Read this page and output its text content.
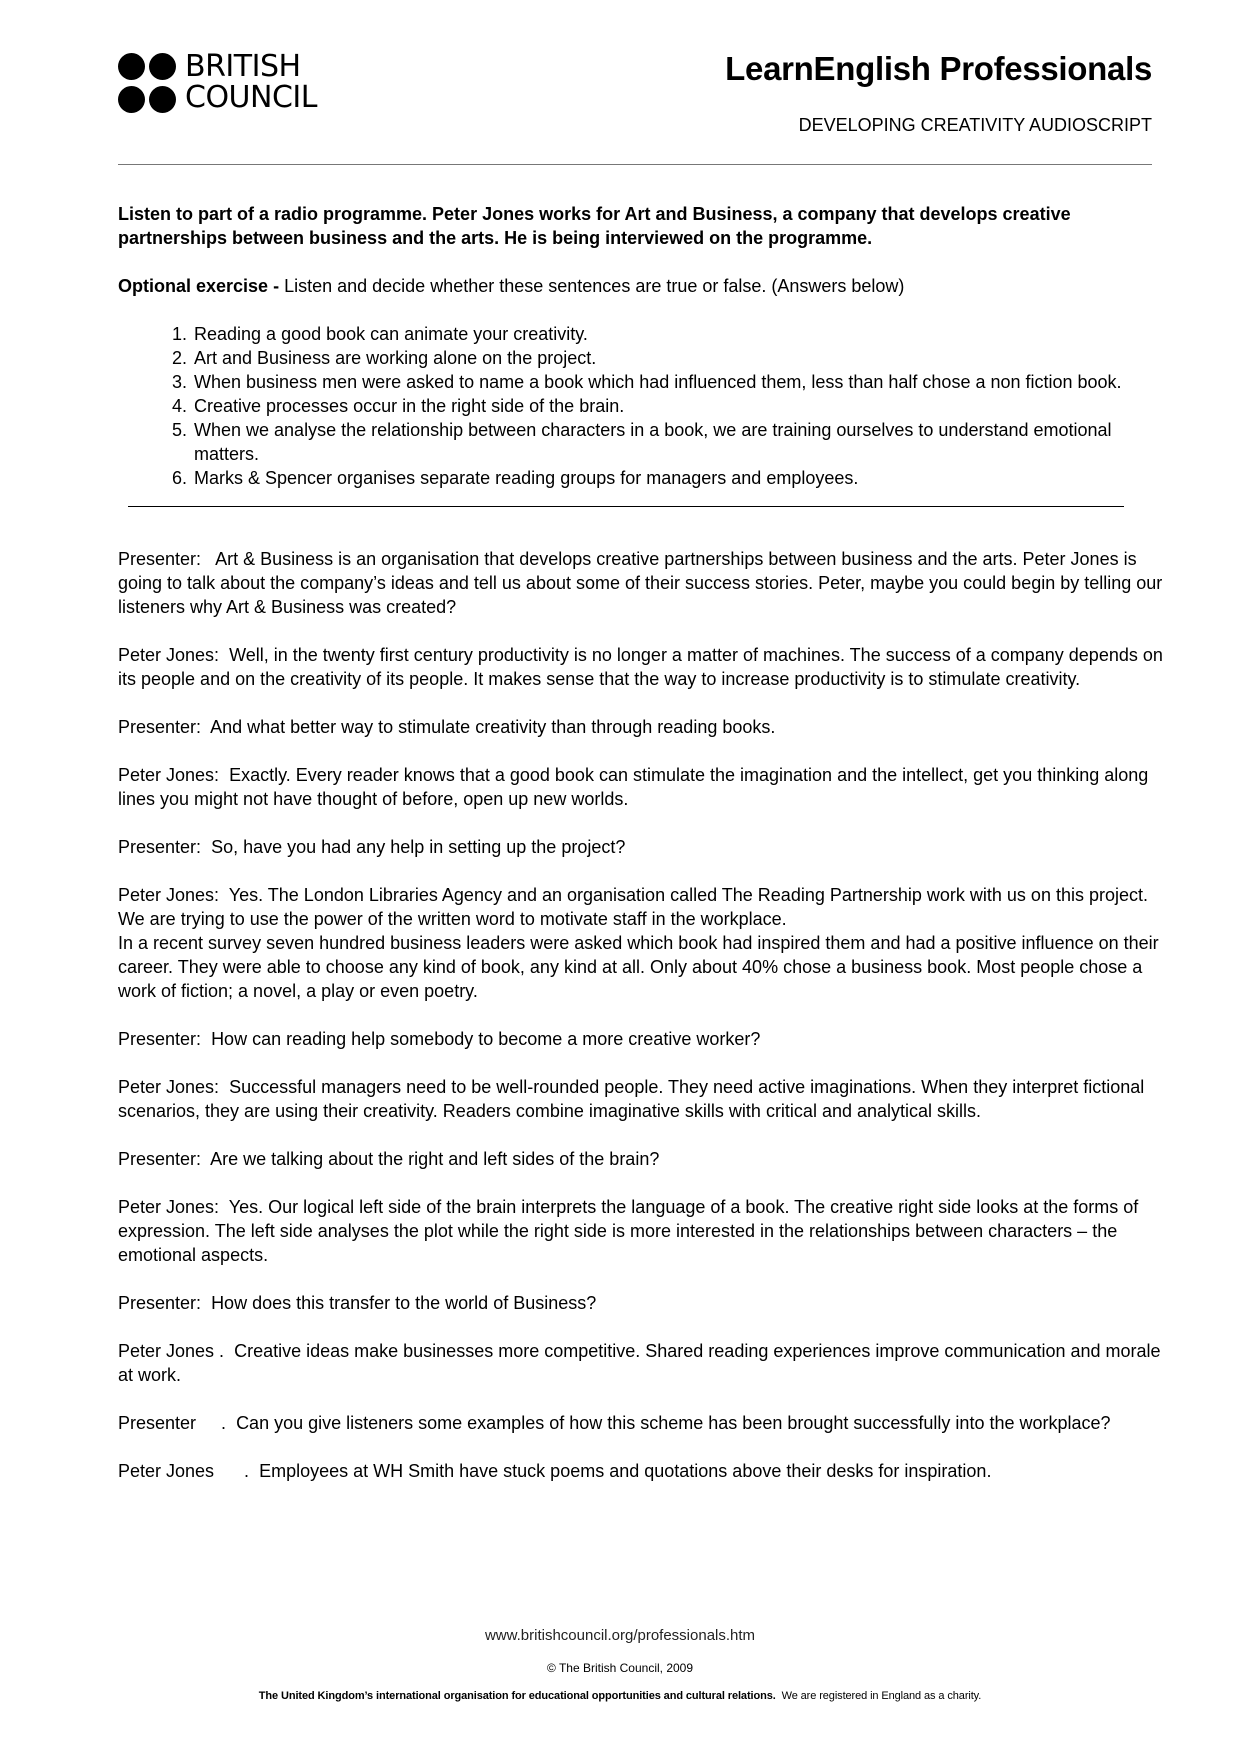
BRITISH
COUNCIL
LearnEnglish Professionals
DEVELOPING CREATIVITY AUDIOSCRIPT

Listen to part of a radio programme. Peter Jones works for Art and Business, a company that develops creative partnerships between business and the arts. He is being interviewed on the programme.

Optional exercise - Listen and decide whether these sentences are true or false. (Answers below)

1. Reading a good book can animate your creativity.
2. Art and Business are working alone on the project.
3. When business men were asked to name a book which had influenced them, less than half chose a non fiction book.
4. Creative processes occur in the right side of the brain.
5. When we analyse the relationship between characters in a book, we are training ourselves to understand emotional matters.
6. Marks & Spencer organises separate reading groups for managers and employees.

Presenter: Art & Business is an organisation that develops creative partnerships between business and the arts. Peter Jones is going to talk about the company’s ideas and tell us about some of their success stories. Peter, maybe you could begin by telling our listeners why Art & Business was created?

Peter Jones: Well, in the twenty first century productivity is no longer a matter of machines. The success of a company depends on its people and on the creativity of its people. It makes sense that the way to increase productivity is to stimulate creativity.

Presenter: And what better way to stimulate creativity than through reading books.

Peter Jones: Exactly. Every reader knows that a good book can stimulate the imagination and the intellect, get you thinking along lines you might not have thought of before, open up new worlds.

Presenter: So, have you had any help in setting up the project?

Peter Jones: Yes. The London Libraries Agency and an organisation called The Reading Partnership work with us on this project. We are trying to use the power of the written word to motivate staff in the workplace.
In a recent survey seven hundred business leaders were asked which book had inspired them and had a positive influence on their career. They were able to choose any kind of book, any kind at all. Only about 40% chose a business book. Most people chose a work of fiction; a novel, a play or even poetry.

Presenter: How can reading help somebody to become a more creative worker?

Peter Jones: Successful managers need to be well-rounded people. They need active imaginations. When they interpret fictional scenarios, they are using their creativity. Readers combine imaginative skills with critical and analytical skills.

Presenter: Are we talking about the right and left sides of the brain?

Peter Jones: Yes. Our logical left side of the brain interprets the language of a book. The creative right side looks at the forms of expression. The left side analyses the plot while the right side is more interested in the relationships between characters – the emotional aspects.

Presenter: How does this transfer to the world of Business?

Peter Jones . Creative ideas make businesses more competitive. Shared reading experiences improve communication and morale at work.

Presenter     . Can you give listeners some examples of how this scheme has been brought successfully into the workplace?

Peter Jones      . Employees at WH Smith have stuck poems and quotations above their desks for inspiration.

www.britishcouncil.org/professionals.htm
© The British Council, 2009
The United Kingdom’s international organisation for educational opportunities and cultural relations. We are registered in England as a charity.
